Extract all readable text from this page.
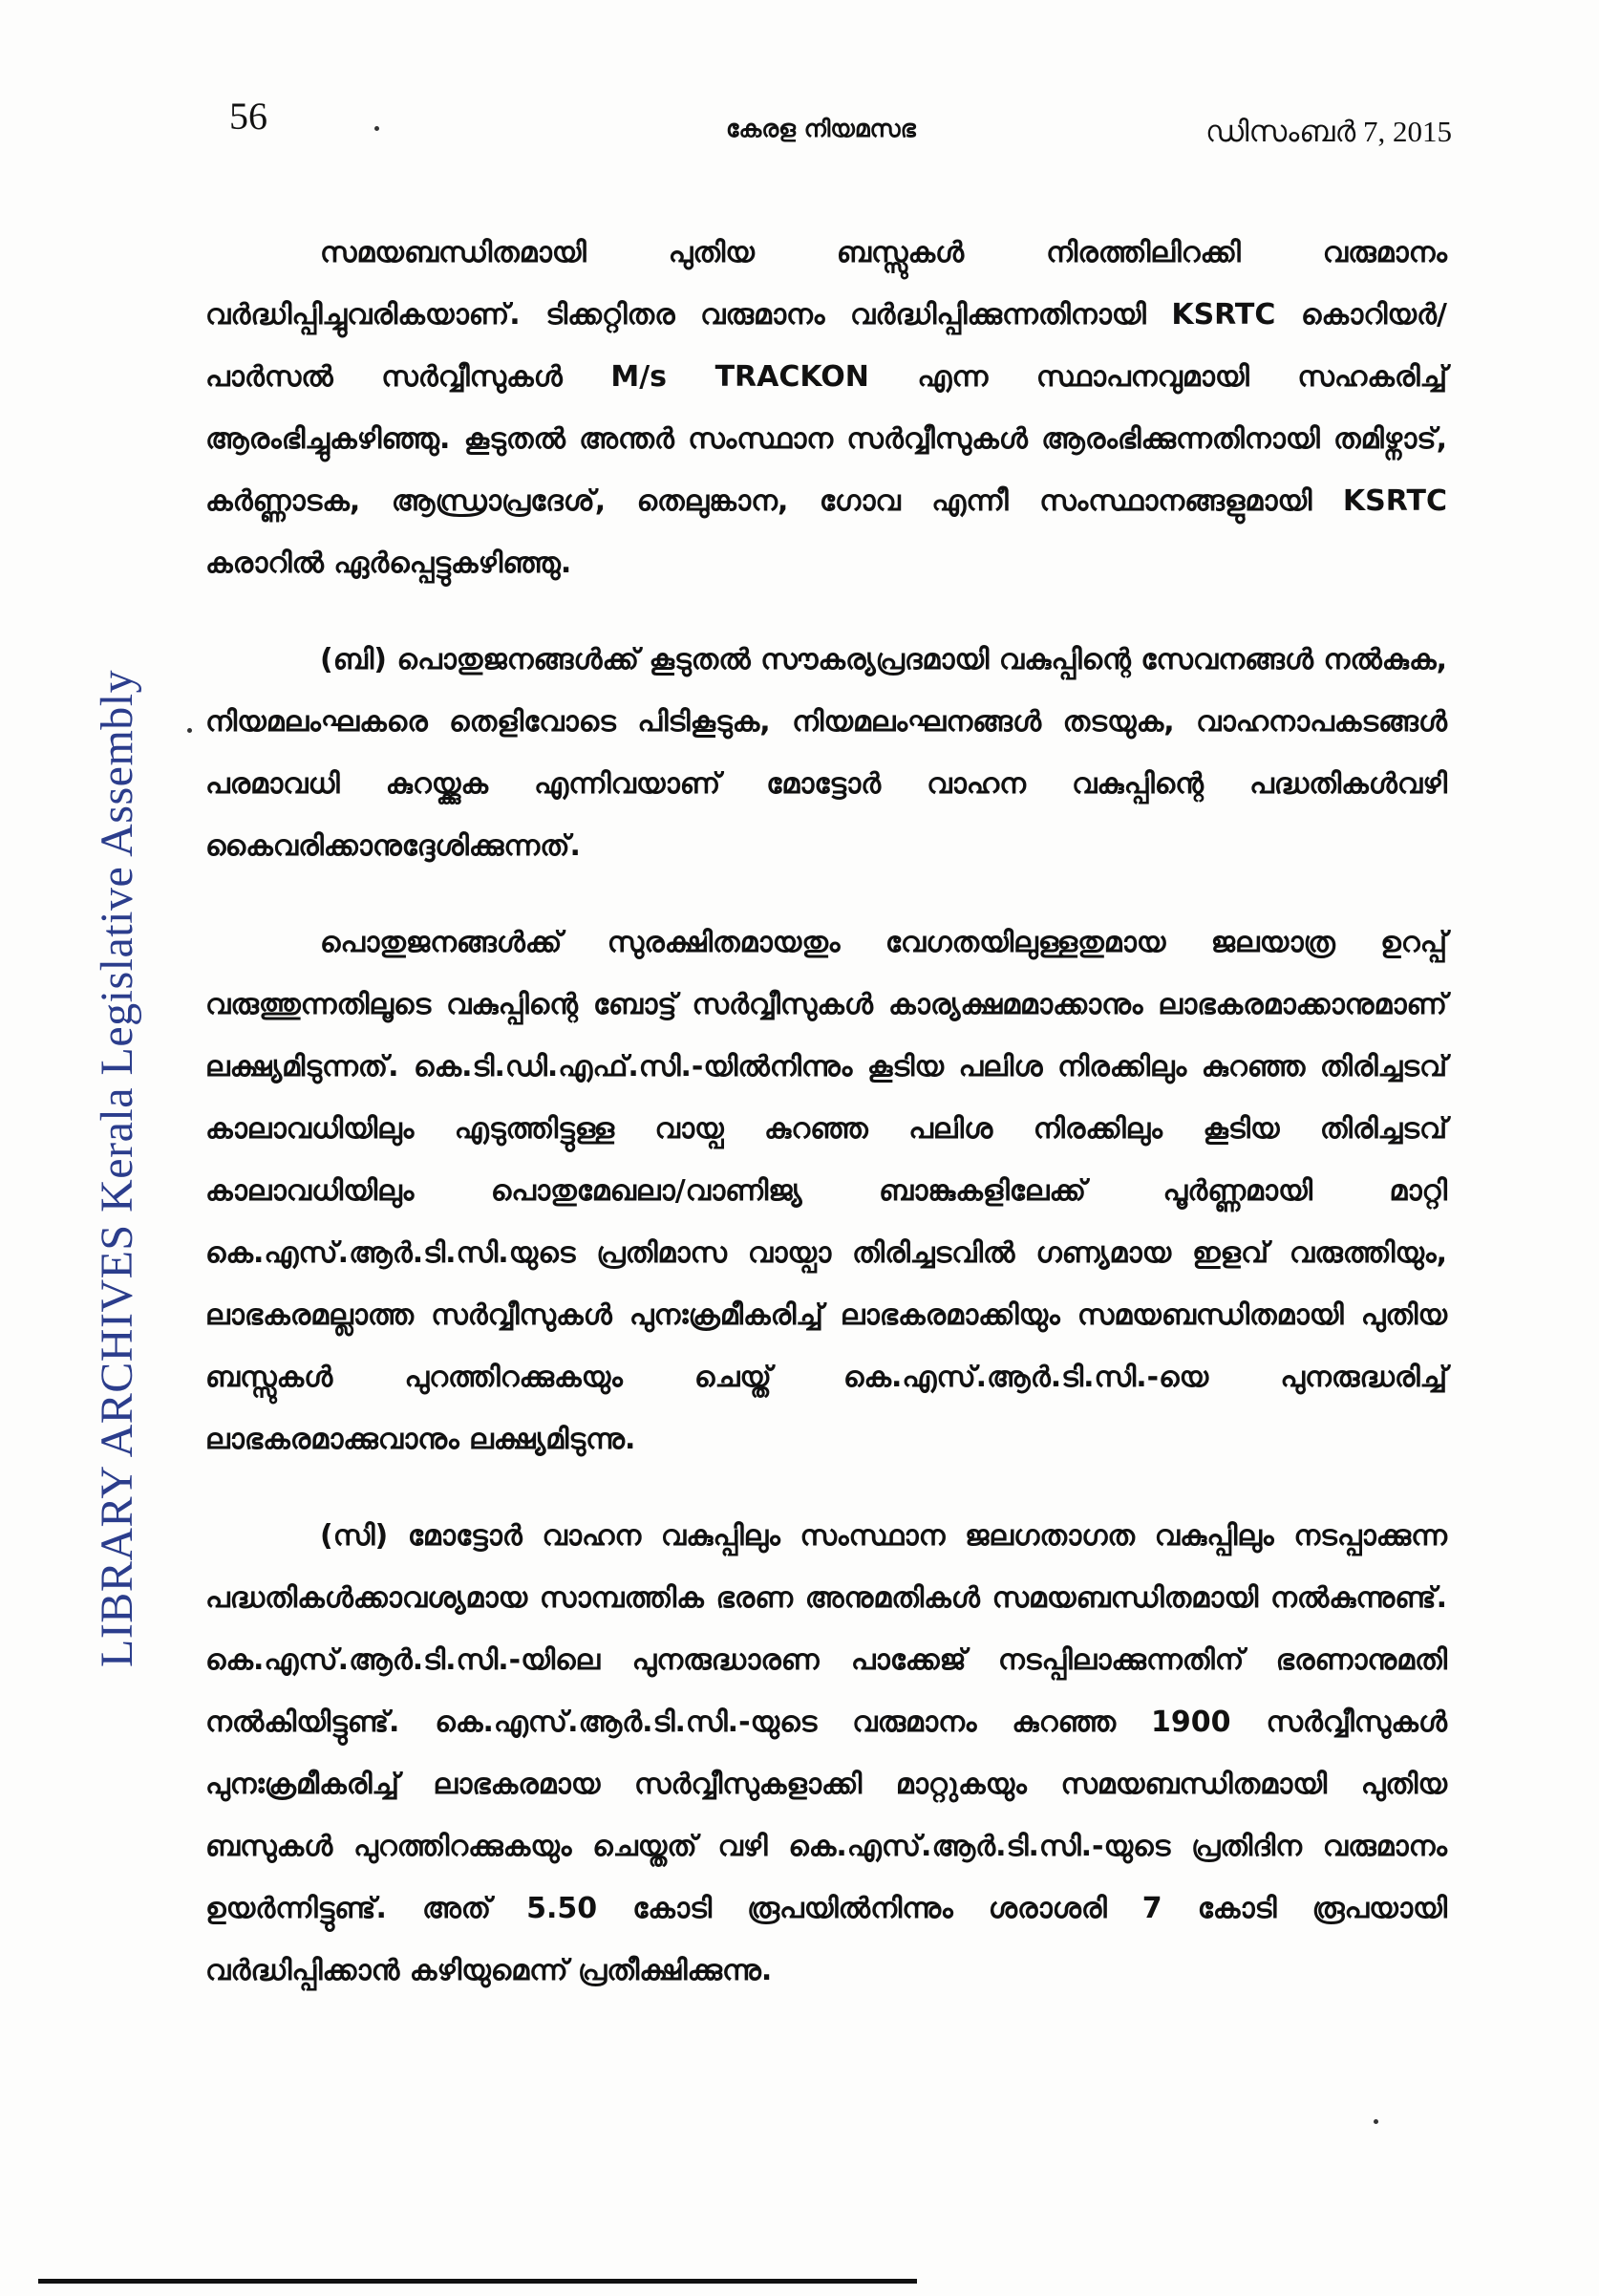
56	കേരള നിയമസഭ	ഡിസംബർ 7, 2015
LIBRARY ARCHIVES Kerala Legislative Assembly

സമയബന്ധിതമായി പുതിയ ബസ്സുകൾ നിരത്തിലിറക്കി വരുമാനം വർദ്ധിപ്പിച്ചുവരികയാണ്. ടിക്കറ്റിതര വരുമാനം വർദ്ധിപ്പിക്കുന്നതിനായി KSRTC കൊറിയർ/പാർസൽ സർവ്വീസുകൾ M/s TRACKON എന്ന സ്ഥാപനവുമായി സഹകരിച്ച് ആരംഭിച്ചുകഴിഞ്ഞു. കൂടുതൽ അന്തർ സംസ്ഥാന സർവ്വീസുകൾ ആരംഭിക്കുന്നതിനായി തമിഴ്നാട്, കർണ്ണാടക, ആന്ധ്രാപ്രദേശ്, തെലുങ്കാന, ഗോവ എന്നീ സംസ്ഥാനങ്ങളുമായി KSRTC കരാറിൽ ഏർപ്പെട്ടുകഴിഞ്ഞു.

(ബി) പൊതുജനങ്ങൾക്ക് കൂടുതൽ സൗകര്യപ്രദമായി വകുപ്പിന്റെ സേവനങ്ങൾ നൽകുക, നിയമലംഘകരെ തെളിവോടെ പിടികൂടുക, നിയമലംഘനങ്ങൾ തടയുക, വാഹനാപകടങ്ങൾ പരമാവധി കുറയ്ക്കുക എന്നിവയാണ് മോട്ടോർ വാഹന വകുപ്പിന്റെ പദ്ധതികൾവഴി കൈവരിക്കാനുദ്ദേശിക്കുന്നത്.

പൊതുജനങ്ങൾക്ക് സുരക്ഷിതമായതും വേഗതയിലുള്ളതുമായ ജലയാത്ര ഉറപ്പ് വരുത്തുന്നതിലൂടെ വകുപ്പിന്റെ ബോട്ട് സർവ്വീസുകൾ കാര്യക്ഷമമാക്കാനും ലാഭകരമാക്കാനുമാണ് ലക്ഷ്യമിടുന്നത്. കെ.ടി.ഡി.എഫ്.സി.-യിൽനിന്നും കൂടിയ പലിശ നിരക്കിലും കുറഞ്ഞ തിരിച്ചടവ് കാലാവധിയിലും എടുത്തിട്ടുള്ള വായ്പ കുറഞ്ഞ പലിശ നിരക്കിലും കൂടിയ തിരിച്ചടവ് കാലാവധിയിലും പൊതുമേഖലാ/വാണിജ്യ ബാങ്കുകളിലേക്ക് പൂർണ്ണമായി മാറ്റി കെ.എസ്.ആർ.ടി.സി.യുടെ പ്രതിമാസ വായ്പാ തിരിച്ചടവിൽ ഗണ്യമായ ഇളവ് വരുത്തിയും, ലാഭകരമല്ലാത്ത സർവ്വീസുകൾ പുനഃക്രമീകരിച്ച് ലാഭകരമാക്കിയും സമയബന്ധിതമായി പുതിയ ബസ്സുകൾ പുറത്തിറക്കുകയും ചെയ്ത് കെ.എസ്.ആർ.ടി.സി.-യെ പുനരുദ്ധരിച്ച് ലാഭകരമാക്കുവാനും ലക്ഷ്യമിടുന്നു.

(സി) മോട്ടോർ വാഹന വകുപ്പിലും സംസ്ഥാന ജലഗതാഗത വകുപ്പിലും നടപ്പാക്കുന്ന പദ്ധതികൾക്കാവശ്യമായ സാമ്പത്തിക ഭരണ അനുമതികൾ സമയബന്ധിതമായി നൽകുന്നുണ്ട്. കെ.എസ്.ആർ.ടി.സി.-യിലെ പുനരുദ്ധാരണ പാക്കേജ് നടപ്പിലാക്കുന്നതിന് ഭരണാനുമതി നൽകിയിട്ടുണ്ട്. കെ.എസ്.ആർ.ടി.സി.-യുടെ വരുമാനം കുറഞ്ഞ 1900 സർവ്വീസുകൾ പുനഃക്രമീകരിച്ച് ലാഭകരമായ സർവ്വീസുകളാക്കി മാറ്റുകയും സമയബന്ധിതമായി പുതിയ ബസുകൾ പുറത്തിറക്കുകയും ചെയ്തത് വഴി കെ.എസ്.ആർ.ടി.സി.-യുടെ പ്രതിദിന വരുമാനം ഉയർന്നിട്ടുണ്ട്. അത് 5.50 കോടി രൂപയിൽനിന്നും ശരാശരി 7 കോടി രൂപയായി വർദ്ധിപ്പിക്കാൻ കഴിയുമെന്ന് പ്രതീക്ഷിക്കുന്നു.
